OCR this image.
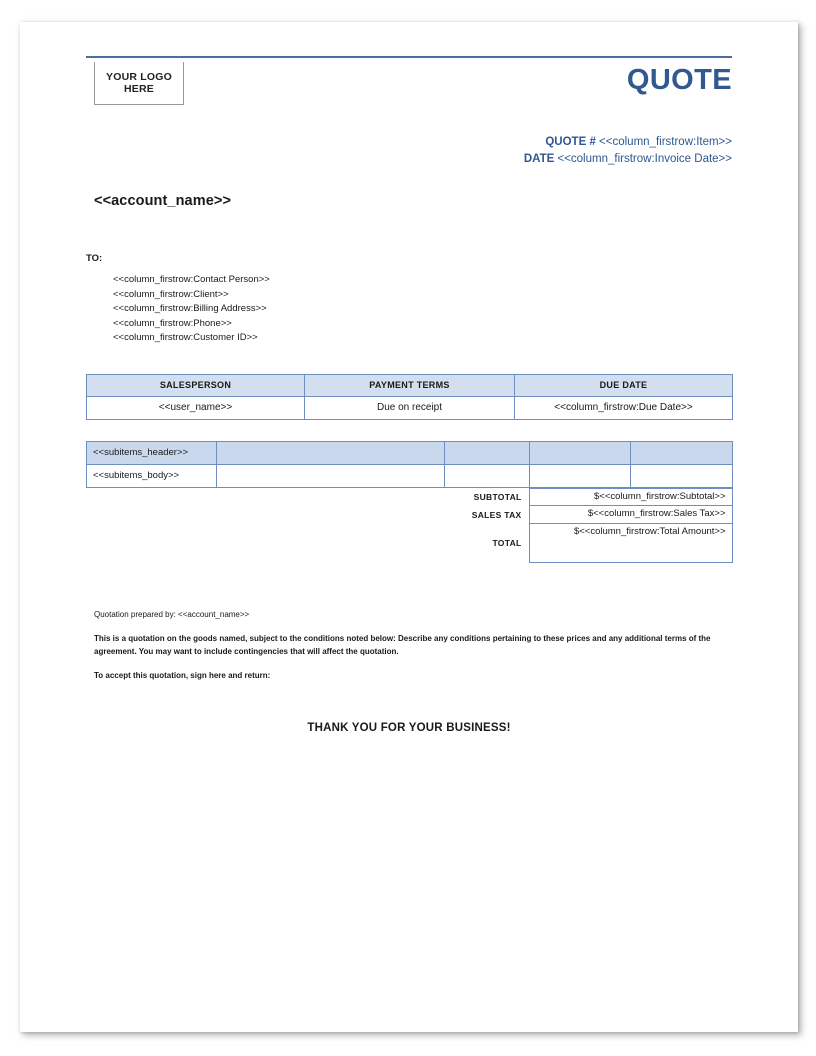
YOUR LOGO
HERE	QUOTE
QUOTE # <<column_firstrow:Item>>
DATE <<column_firstrow:Invoice Date>>
<<account_name>>
TO:
<<column_firstrow:Contact Person>>
<<column_firstrow:Client>>
<<column_firstrow:Billing Address>>
<<column_firstrow:Phone>>
<<column_firstrow:Customer ID>>
SALESPERSON	PAYMENT TERMS	DUE DATE
<<user_name>>	Due on receipt	<<column_firstrow:Due Date>>
<<subitems_header>>				
<<subitems_body>>				
SUBTOTAL	$<<column_firstrow:Subtotal>>
SALES TAX	$<<column_firstrow:Sales Tax>>
TOTAL	$<<column_firstrow:Total Amount>>
Quotation prepared by: <<account_name>>
This is a quotation on the goods named, subject to the conditions noted below: Describe any conditions pertaining to these prices and any additional terms of the agreement. You may want to include contingencies that will affect the quotation.
To accept this quotation, sign here and return:
THANK YOU FOR YOUR BUSINESS!
